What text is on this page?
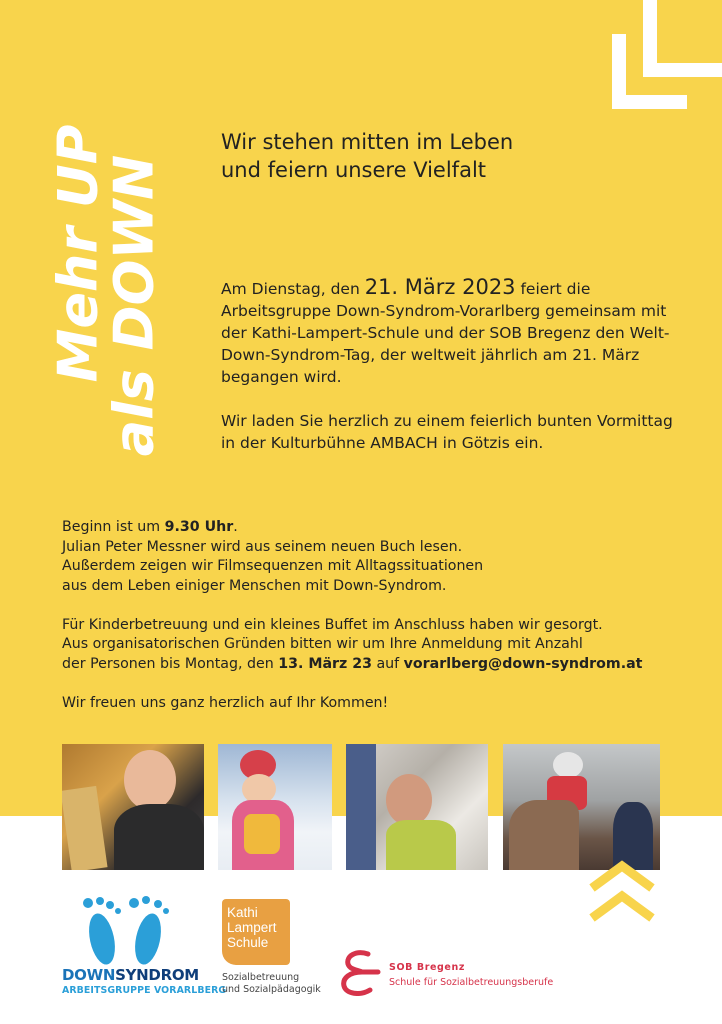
Mehr UP
als DOWN
Wir stehen mitten im Leben
und feiern unsere Vielfalt

Am Dienstag, den 21. März 2023 feiert die Arbeitsgruppe Down-Syndrom-Vorarlberg gemeinsam mit der Kathi-Lampert-Schule und der SOB Bregenz den Welt-Down-Syndrom-Tag, der weltweit jährlich am 21. März begangen wird.

Wir laden Sie herzlich zu einem feierlich bunten Vormittag in der Kulturbühne AMBACH in Götzis ein.

Beginn ist um 9.30 Uhr.
Julian Peter Messner wird aus seinem neuen Buch lesen.
Außerdem zeigen wir Filmsequenzen mit Alltagssituationen
aus dem Leben einiger Menschen mit Down-Syndrom.

Für Kinderbetreuung und ein kleines Buffet im Anschluss haben wir gesorgt.
Aus organisatorischen Gründen bitten wir um Ihre Anmeldung mit Anzahl
der Personen bis Montag, den 13. März 23 auf vorarlberg@down-syndrom.at

Wir freuen uns ganz herzlich auf Ihr Kommen!

DOWNSYNDROM
ARBEITSGRUPPE VORARLBERG
Kathi
Lampert
Schule
Sozialbetreuung
und Sozialpädagogik
SOB Bregenz
Schule für Sozialbetreuungsberufe
